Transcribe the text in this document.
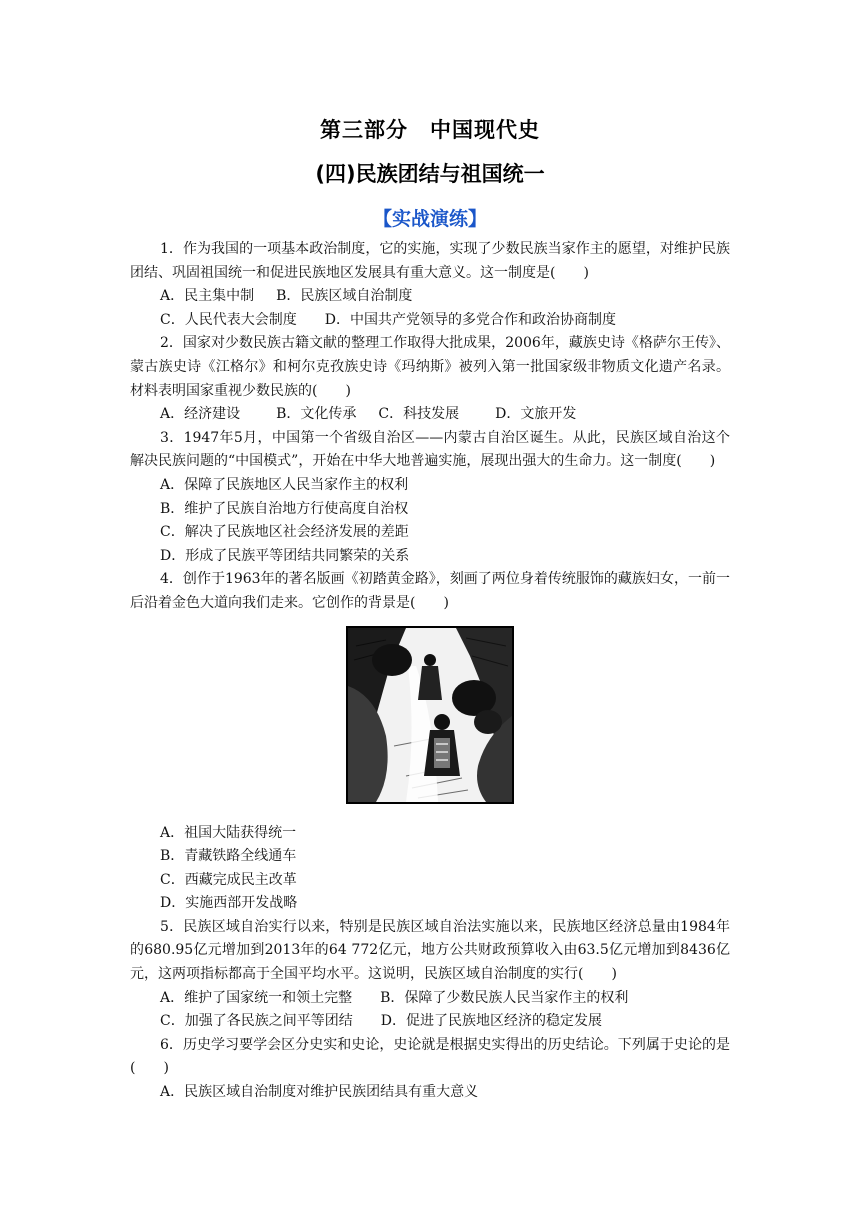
第三部分　中国现代史
(四)民族团结与祖国统一
【实战演练】

1．作为我国的一项基本政治制度，它的实施，实现了少数民族当家作主的愿望，对维护民族团结、巩固祖国统一和促进民族地区发展具有重大意义。这一制度是(　　)

A．民主集中制 B．民族区域自治制度

C．人民代表大会制度 D．中国共产党领导的多党合作和政治协商制度

2．国家对少数民族古籍文献的整理工作取得大批成果，2006年，藏族史诗《格萨尔王传》、蒙古族史诗《江格尔》和柯尔克孜族史诗《玛纳斯》被列入第一批国家级非物质文化遗产名录。材料表明国家重视少数民族的(　　)

A．经济建设	B．文化传承 C．科技发展	D．文旅开发

3．1947年5月，中国第一个省级自治区——内蒙古自治区诞生。从此，民族区域自治这个解决民族问题的“中国模式”，开始在中华大地普遍实施，展现出强大的生命力。这一制度(　　)

A．保障了民族地区人民当家作主的权利

B．维护了民族自治地方行使高度自治权

C．解决了民族地区社会经济发展的差距

D．形成了民族平等团结共同繁荣的关系

4．创作于1963年的著名版画《初踏黄金路》，刻画了两位身着传统服饰的藏族妇女，一前一后沿着金色大道向我们走来。它创作的背景是(　　)

A．祖国大陆获得统一

B．青藏铁路全线通车

C．西藏完成民主改革

D．实施西部开发战略

5．民族区域自治实行以来，特别是民族区域自治法实施以来，民族地区经济总量由1984年的680.95亿元增加到2013年的64 772亿元，地方公共财政预算收入由63.5亿元增加到8436亿元，这两项指标都高于全国平均水平。这说明，民族区域自治制度的实行(　　)

A．维护了国家统一和领土完整 B．保障了少数民族人民当家作主的权利

C．加强了各民族之间平等团结 D．促进了民族地区经济的稳定发展

6．历史学习要学会区分史实和史论，史论就是根据史实得出的历史结论。下列属于史论的是(　　)

A．民族区域自治制度对维护民族团结具有重大意义
